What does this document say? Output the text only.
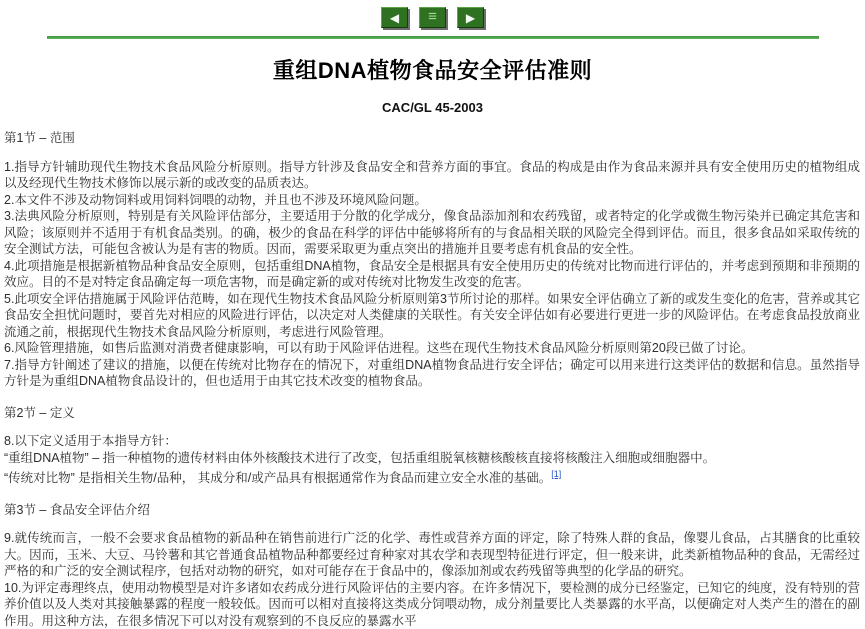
◀ ≡ ▶
重组DNA植物食品安全评估准则
CAC/GL 45-2003
第1节 – 范围

1.指导方针辅助现代生物技术食品风险分析原则。指导方针涉及食品安全和营养方面的事宜。食品的构成是由作为食品来源并具有安全使用历史的植物组成以及经现代生物技术修饰以展示新的或改变的品质表达。

2.本文件不涉及动物饲料或用饲料饲喂的动物，并且也不涉及环境风险问题。

3.法典风险分析原则，特别是有关风险评估部分，主要适用于分散的化学成分，像食品添加剂和农药残留，或者特定的化学或微生物污染并已确定其危害和风险；该原则并不适用于有机食品类别。的确，极少的食品在科学的评估中能够将所有的与食品相关联的风险完全得到评估。而且，很多食品如采取传统的安全测试方法，可能包含被认为是有害的物质。因而，需要采取更为重点突出的措施并且要考虑有机食品的安全性。

4.此项措施是根据新植物品种食品安全原则，包括重组DNA植物，食品安全是根据具有安全使用历史的传统对比物而进行评估的，并考虑到预期和非预期的效应。目的不是对特定食品确定每一项危害物，而是确定新的或对传统对比物发生改变的危害。

5.此项安全评估措施属于风险评估范畴，如在现代生物技术食品风险分析原则第3节所讨论的那样。如果安全评估确立了新的或发生变化的危害，营养或其它食品安全担忧问题时，要首先对相应的风险进行评估，以决定对人类健康的关联性。有关安全评估如有必要进行更进一步的风险评估。在考虑食品投放商业流通之前，根据现代生物技术食品风险分析原则，考虑进行风险管理。

6.风险管理措施，如售后监测对消费者健康影响，可以有助于风险评估进程。这些在现代生物技术食品风险分析原则第20段已做了讨论。

7.指导方针阐述了建议的措施，以便在传统对比物存在的情况下，对重组DNA植物食品进行安全评估；确定可以用来进行这类评估的数据和信息。虽然指导方针是为重组DNA植物食品设计的，但也适用于由其它技术改变的植物食品。

第2节 – 定义

8.以下定义适用于本指导方针：

“重组DNA植物” – 指一种植物的遗传材料由体外核酸技术进行了改变，包括重组脱氧核糖核酸核直接将核酸注入细胞或细胞器中。

“传统对比物” 是指相关生物/品种， 其成分和/或产品具有根据通常作为食品而建立安全水准的基础。[1]

第3节 – 食品安全评估介绍

9.就传统而言，一般不会要求食品植物的新品种在销售前进行广泛的化学、毒性或营养方面的评定，除了特殊人群的食品，像婴儿食品，占其膳食的比重较大。因而，玉米、大豆、马铃薯和其它普通食品植物品种都要经过育种家对其农学和表现型特征进行评定，但一般来讲，此类新植物品种的食品，无需经过严格的和广泛的安全测试程序，包括对动物的研究，如对可能存在于食品中的，像添加剂或农药残留等典型的化学品的研究。

10.为评定毒理终点，使用动物模型是对许多诸如农药成分进行风险评估的主要内容。在许多情况下，要检测的成分已经鉴定，已知它的纯度，没有特别的营养价值以及人类对其接触暴露的程度一般较低。因而可以相对直接将这类成分饲喂动物，成分剂量要比人类暴露的水平高，以便确定对人类产生的潜在的副作用。用这种方法，在很多情况下可以对没有观察到的不良反应的暴露水平
